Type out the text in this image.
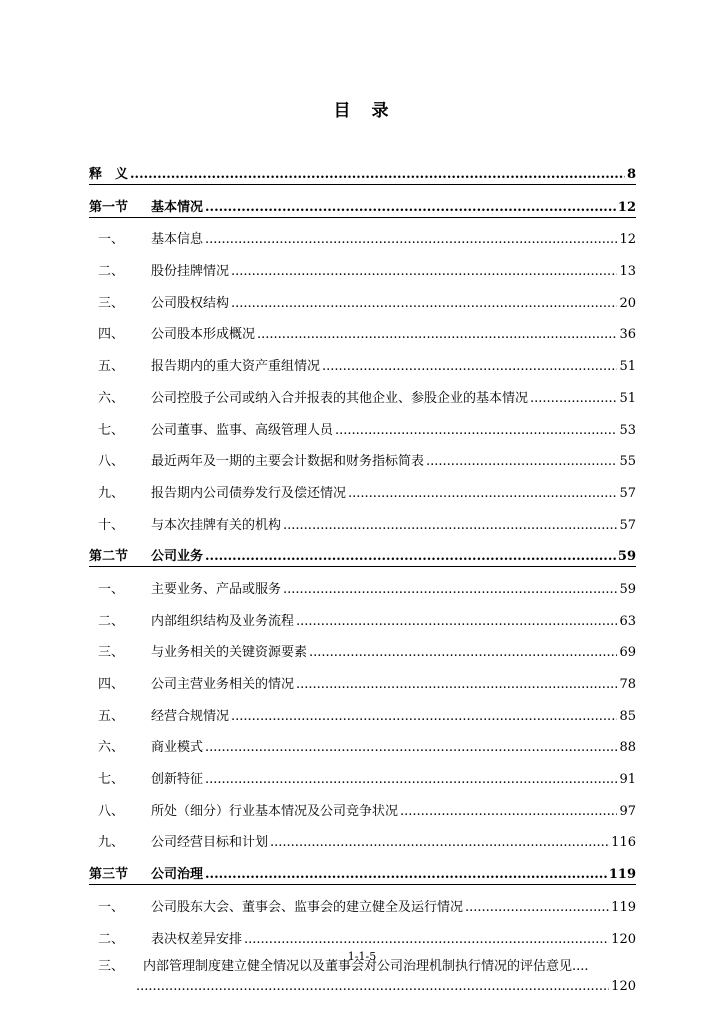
目　录
释　义 .....	8
第一节	基本情况 .....	12
一、	基本信息 .....	12
二、	股份挂牌情况 .....	13
三、	公司股权结构 .....	20
四、	公司股本形成概况 .....	36
五、	报告期内的重大资产重组情况 .....	51
六、	公司控股子公司或纳入合并报表的其他企业、参股企业的基本情况 .....	51
七、	公司董事、监事、高级管理人员 .....	53
八、	最近两年及一期的主要会计数据和财务指标简表 .....	55
九、	报告期内公司债券发行及偿还情况 .....	57
十、	与本次挂牌有关的机构 .....	57
第二节	公司业务 .....	59
一、	主要业务、产品或服务 .....	59
二、	内部组织结构及业务流程 .....	63
三、	与业务相关的关键资源要素 .....	69
四、	公司主营业务相关的情况 .....	78
五、	经营合规情况 .....	85
六、	商业模式 .....	88
七、	创新特征 .....	91
八、	所处（细分）行业基本情况及公司竞争状况 .....	97
九、	公司经营目标和计划 .....	116
第三节	公司治理 .....	119
一、	公司股东大会、董事会、监事会的建立健全及运行情况 .....	119
二、	表决权差异安排 .....	120
三、	内部管理制度建立健全情况以及董事会对公司治理机制执行情况的评估意见....
.....
120
1-1-5
